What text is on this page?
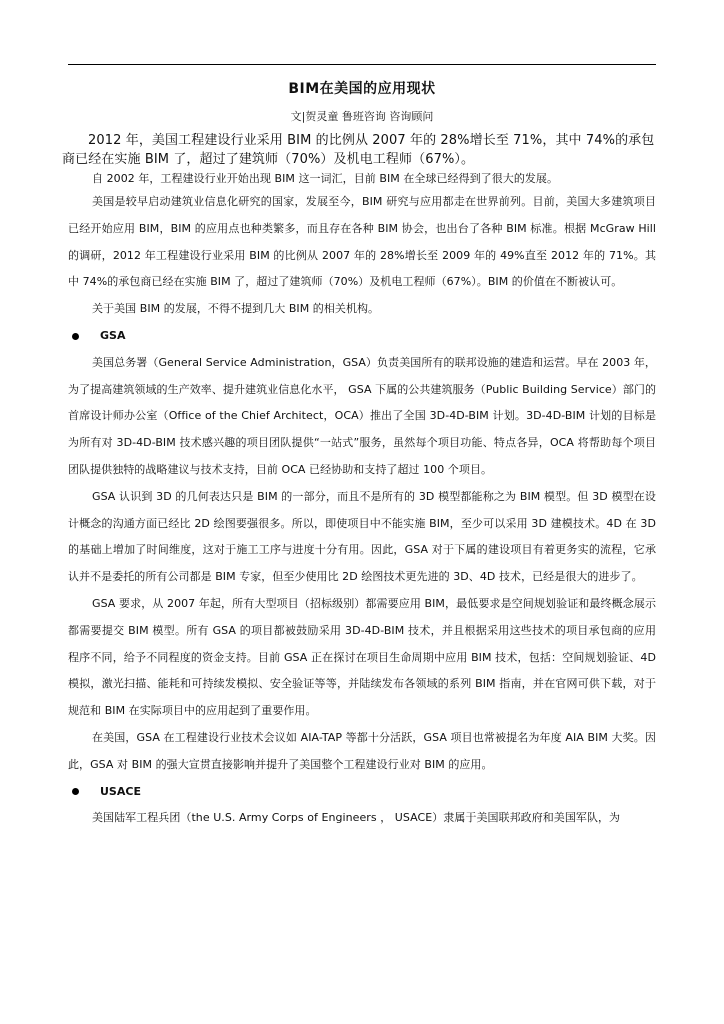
BIM在美国的应用现状
文|贺灵童 鲁班咨询 咨询顾问

2012 年，美国工程建设行业采用 BIM 的比例从 2007 年的 28%增长至 71%，其中 74%的承包商已经在实施 BIM 了，超过了建筑师（70%）及机电工程师（67%）。

自 2002 年，工程建设行业开始出现 BIM 这一词汇，目前 BIM 在全球已经得到了很大的发展。

美国是较早启动建筑业信息化研究的国家，发展至今，BIM 研究与应用都走在世界前列。目前，美国大多建筑项目已经开始应用 BIM，BIM 的应用点也种类繁多，而且存在各种 BIM 协会，也出台了各种 BIM 标准。根据 McGraw Hill 的调研，2012 年工程建设行业采用 BIM 的比例从 2007 年的 28%增长至 2009 年的 49%直至 2012 年的 71%。其中 74%的承包商已经在实施 BIM 了，超过了建筑师（70%）及机电工程师（67%）。BIM 的价值在不断被认可。

关于美国 BIM 的发展，不得不提到几大 BIM 的相关机构。

GSA

美国总务署（General Service Administration，GSA）负责美国所有的联邦设施的建造和运营。早在 2003 年，为了提高建筑领域的生产效率、提升建筑业信息化水平， GSA 下属的公共建筑服务（Public Building Service）部门的首席设计师办公室（Office of the Chief Architect，OCA）推出了全国 3D-4D-BIM 计划。3D-4D-BIM 计划的目标是为所有对 3D-4D-BIM 技术感兴趣的项目团队提供“一站式”服务，虽然每个项目功能、特点各异，OCA 将帮助每个项目团队提供独特的战略建议与技术支持，目前 OCA 已经协助和支持了超过 100 个项目。

GSA 认识到 3D 的几何表达只是 BIM 的一部分，而且不是所有的 3D 模型都能称之为 BIM 模型。但 3D 模型在设计概念的沟通方面已经比 2D 绘图要强很多。所以，即使项目中不能实施 BIM，至少可以采用 3D 建模技术。4D 在 3D 的基础上增加了时间维度，这对于施工工序与进度十分有用。因此，GSA 对于下属的建设项目有着更务实的流程，它承认并不是委托的所有公司都是 BIM 专家，但至少使用比 2D 绘图技术更先进的 3D、4D 技术，已经是很大的进步了。

GSA 要求，从 2007 年起，所有大型项目（招标级别）都需要应用 BIM，最低要求是空间规划验证和最终概念展示都需要提交 BIM 模型。所有 GSA 的项目都被鼓励采用 3D-4D-BIM 技术，并且根据采用这些技术的项目承包商的应用程序不同，给予不同程度的资金支持。目前 GSA 正在探讨在项目生命周期中应用 BIM 技术，包括：空间规划验证、4D 模拟，激光扫描、能耗和可持续发模拟、安全验证等等，并陆续发布各领域的系列 BIM 指南，并在官网可供下载，对于规范和 BIM 在实际项目中的应用起到了重要作用。

在美国，GSA 在工程建设行业技术会议如 AIA-TAP 等都十分活跃，GSA 项目也常被提名为年度 AIA BIM 大奖。因此，GSA 对 BIM 的强大宣贯直接影响并提升了美国整个工程建设行业对 BIM 的应用。

USACE

美国陆军工程兵团（the U.S. Army Corps of Engineers ， USACE）隶属于美国联邦政府和美国军队，为
